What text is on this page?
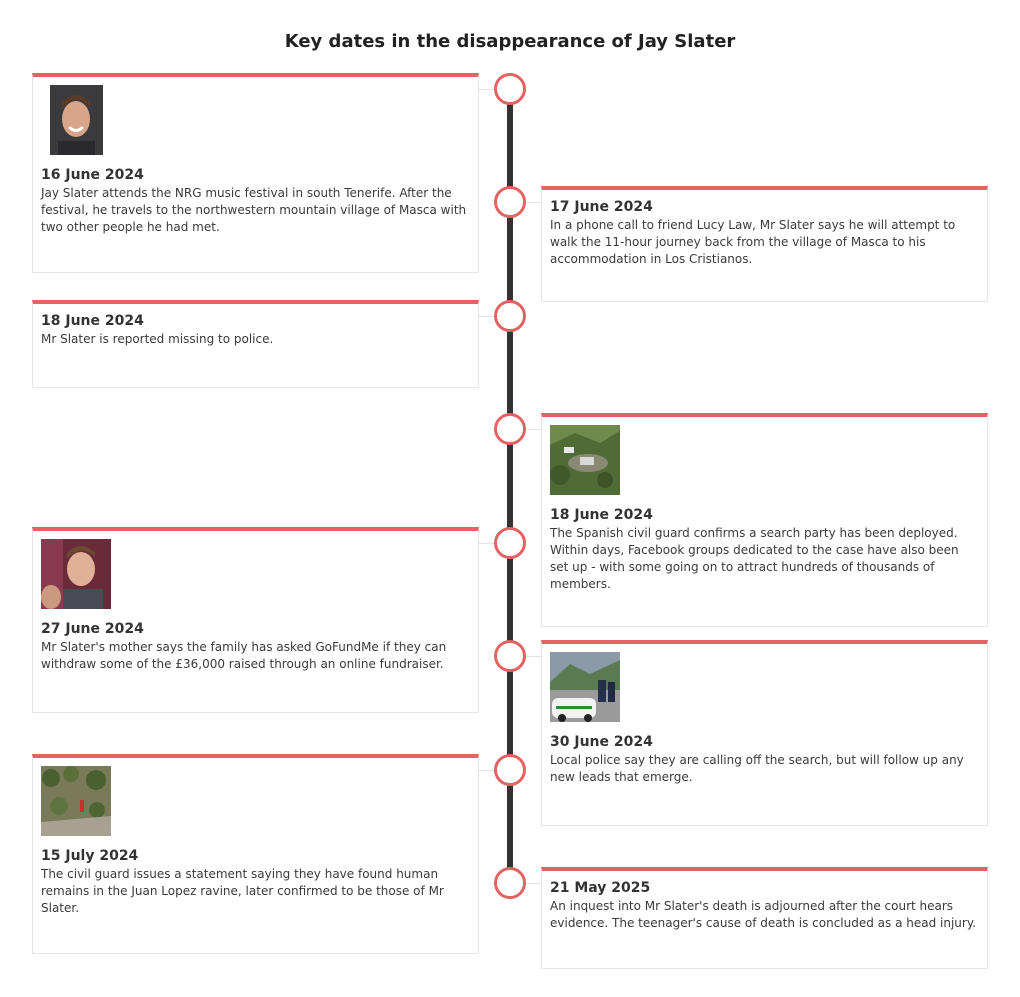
Key dates in the disappearance of Jay Slater

16 June 2024

Jay Slater attends the NRG music festival in south Tenerife. After the festival, he travels to the northwestern mountain village of Masca with two other people he had met.

17 June 2024

In a phone call to friend Lucy Law, Mr Slater says he will attempt to walk the 11-hour journey back from the village of Masca to his accommodation in Los Cristianos.

18 June 2024

Mr Slater is reported missing to police.

18 June 2024

The Spanish civil guard confirms a search party has been deployed. Within days, Facebook groups dedicated to the case have also been set up - with some going on to attract hundreds of thousands of members.

27 June 2024

Mr Slater's mother says the family has asked GoFundMe if they can withdraw some of the £36,000 raised through an online fundraiser.

30 June 2024

Local police say they are calling off the search, but will follow up any new leads that emerge.

15 July 2024

The civil guard issues a statement saying they have found human remains in the Juan Lopez ravine, later confirmed to be those of Mr Slater.

21 May 2025

An inquest into Mr Slater's death is adjourned after the court hears evidence. The teenager's cause of death is concluded as a head injury.
